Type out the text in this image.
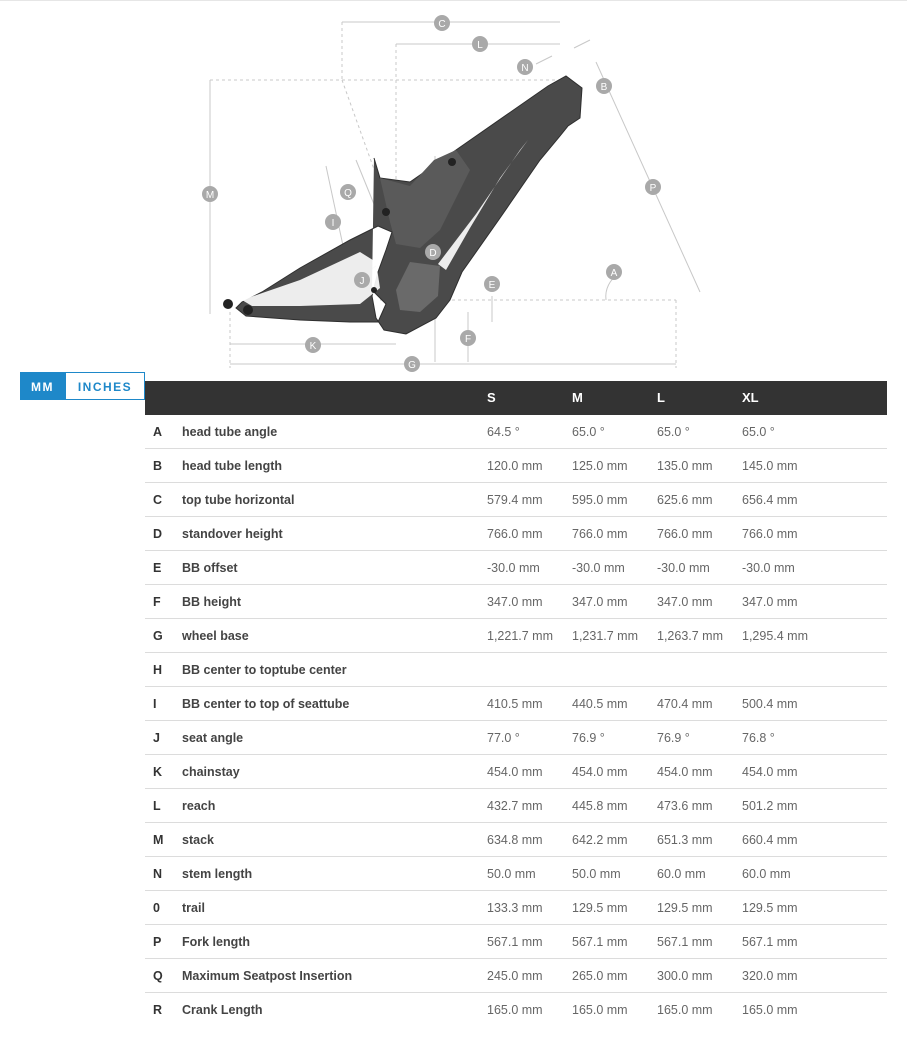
C
L
N
B
M
P
Q
I
D
A
J	E
F
K
G
MM	INCHES
S	M	L	XL
A head tube angle	64.5 °	65.0 °	65.0 °	65.0 °
B head tube length	120.0 mm 125.0 mm 135.0 mm 145.0 mm
C top tube horizontal	579.4 mm 595.0 mm 625.6 mm 656.4 mm
D standover height	766.0 mm 766.0 mm 766.0 mm 766.0 mm
E BB offset	-30.0 mm	-30.0 mm	-30.0 mm	-30.0 mm
F BB height	347.0 mm 347.0 mm 347.0 mm 347.0 mm
G wheel base	1,221.7 mm 1,231.7 mm 1,263.7 mm 1,295.4 mm
H BB center to toptube center
I BB center to top of seattube	410.5 mm 440.5 mm 470.4 mm 500.4 mm
J seat angle	77.0 °	76.9 °	76.9 °	76.8 °
K chainstay	454.0 mm 454.0 mm 454.0 mm 454.0 mm
L reach	432.7 mm 445.8 mm 473.6 mm 501.2 mm
M stack	634.8 mm 642.2 mm 651.3 mm 660.4 mm
N stem length	50.0 mm	50.0 mm	60.0 mm	60.0 mm
0 trail	133.3 mm 129.5 mm 129.5 mm 129.5 mm
P Fork length	567.1 mm 567.1 mm 567.1 mm 567.1 mm
Q Maximum Seatpost Insertion	245.0 mm 265.0 mm 300.0 mm 320.0 mm
R Crank Length	165.0 mm 165.0 mm 165.0 mm 165.0 mm
